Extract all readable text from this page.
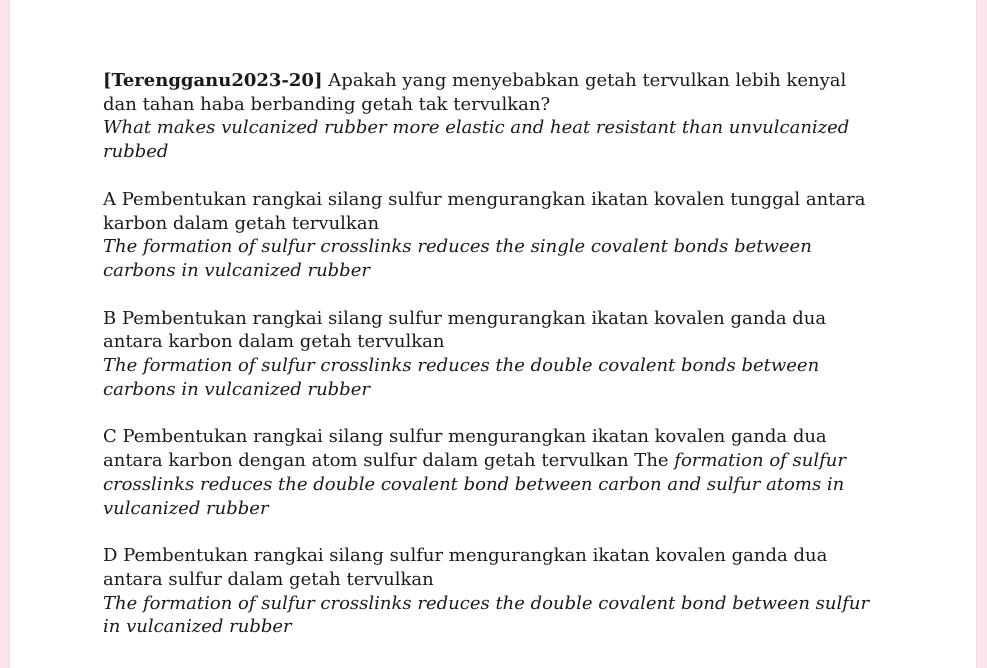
[Terengganu2023-20] Apakah yang menyebabkan getah tervulkan lebih kenyal dan tahan haba berbanding getah tak tervulkan?
What makes vulcanized rubber more elastic and heat resistant than unvulcanized rubbed

A Pembentukan rangkai silang sulfur mengurangkan ikatan kovalen tunggal antara karbon dalam getah tervulkan
The formation of sulfur crosslinks reduces the single covalent bonds between carbons in vulcanized rubber

B Pembentukan rangkai silang sulfur mengurangkan ikatan kovalen ganda dua antara karbon dalam getah tervulkan
The formation of sulfur crosslinks reduces the double covalent bonds between carbons in vulcanized rubber

C Pembentukan rangkai silang sulfur mengurangkan ikatan kovalen ganda dua antara karbon dengan atom sulfur dalam getah tervulkan The formation of sulfur crosslinks reduces the double covalent bond between carbon and sulfur atoms in vulcanized rubber

D Pembentukan rangkai silang sulfur mengurangkan ikatan kovalen ganda dua antara sulfur dalam getah tervulkan
The formation of sulfur crosslinks reduces the double covalent bond between sulfur in vulcanized rubber
